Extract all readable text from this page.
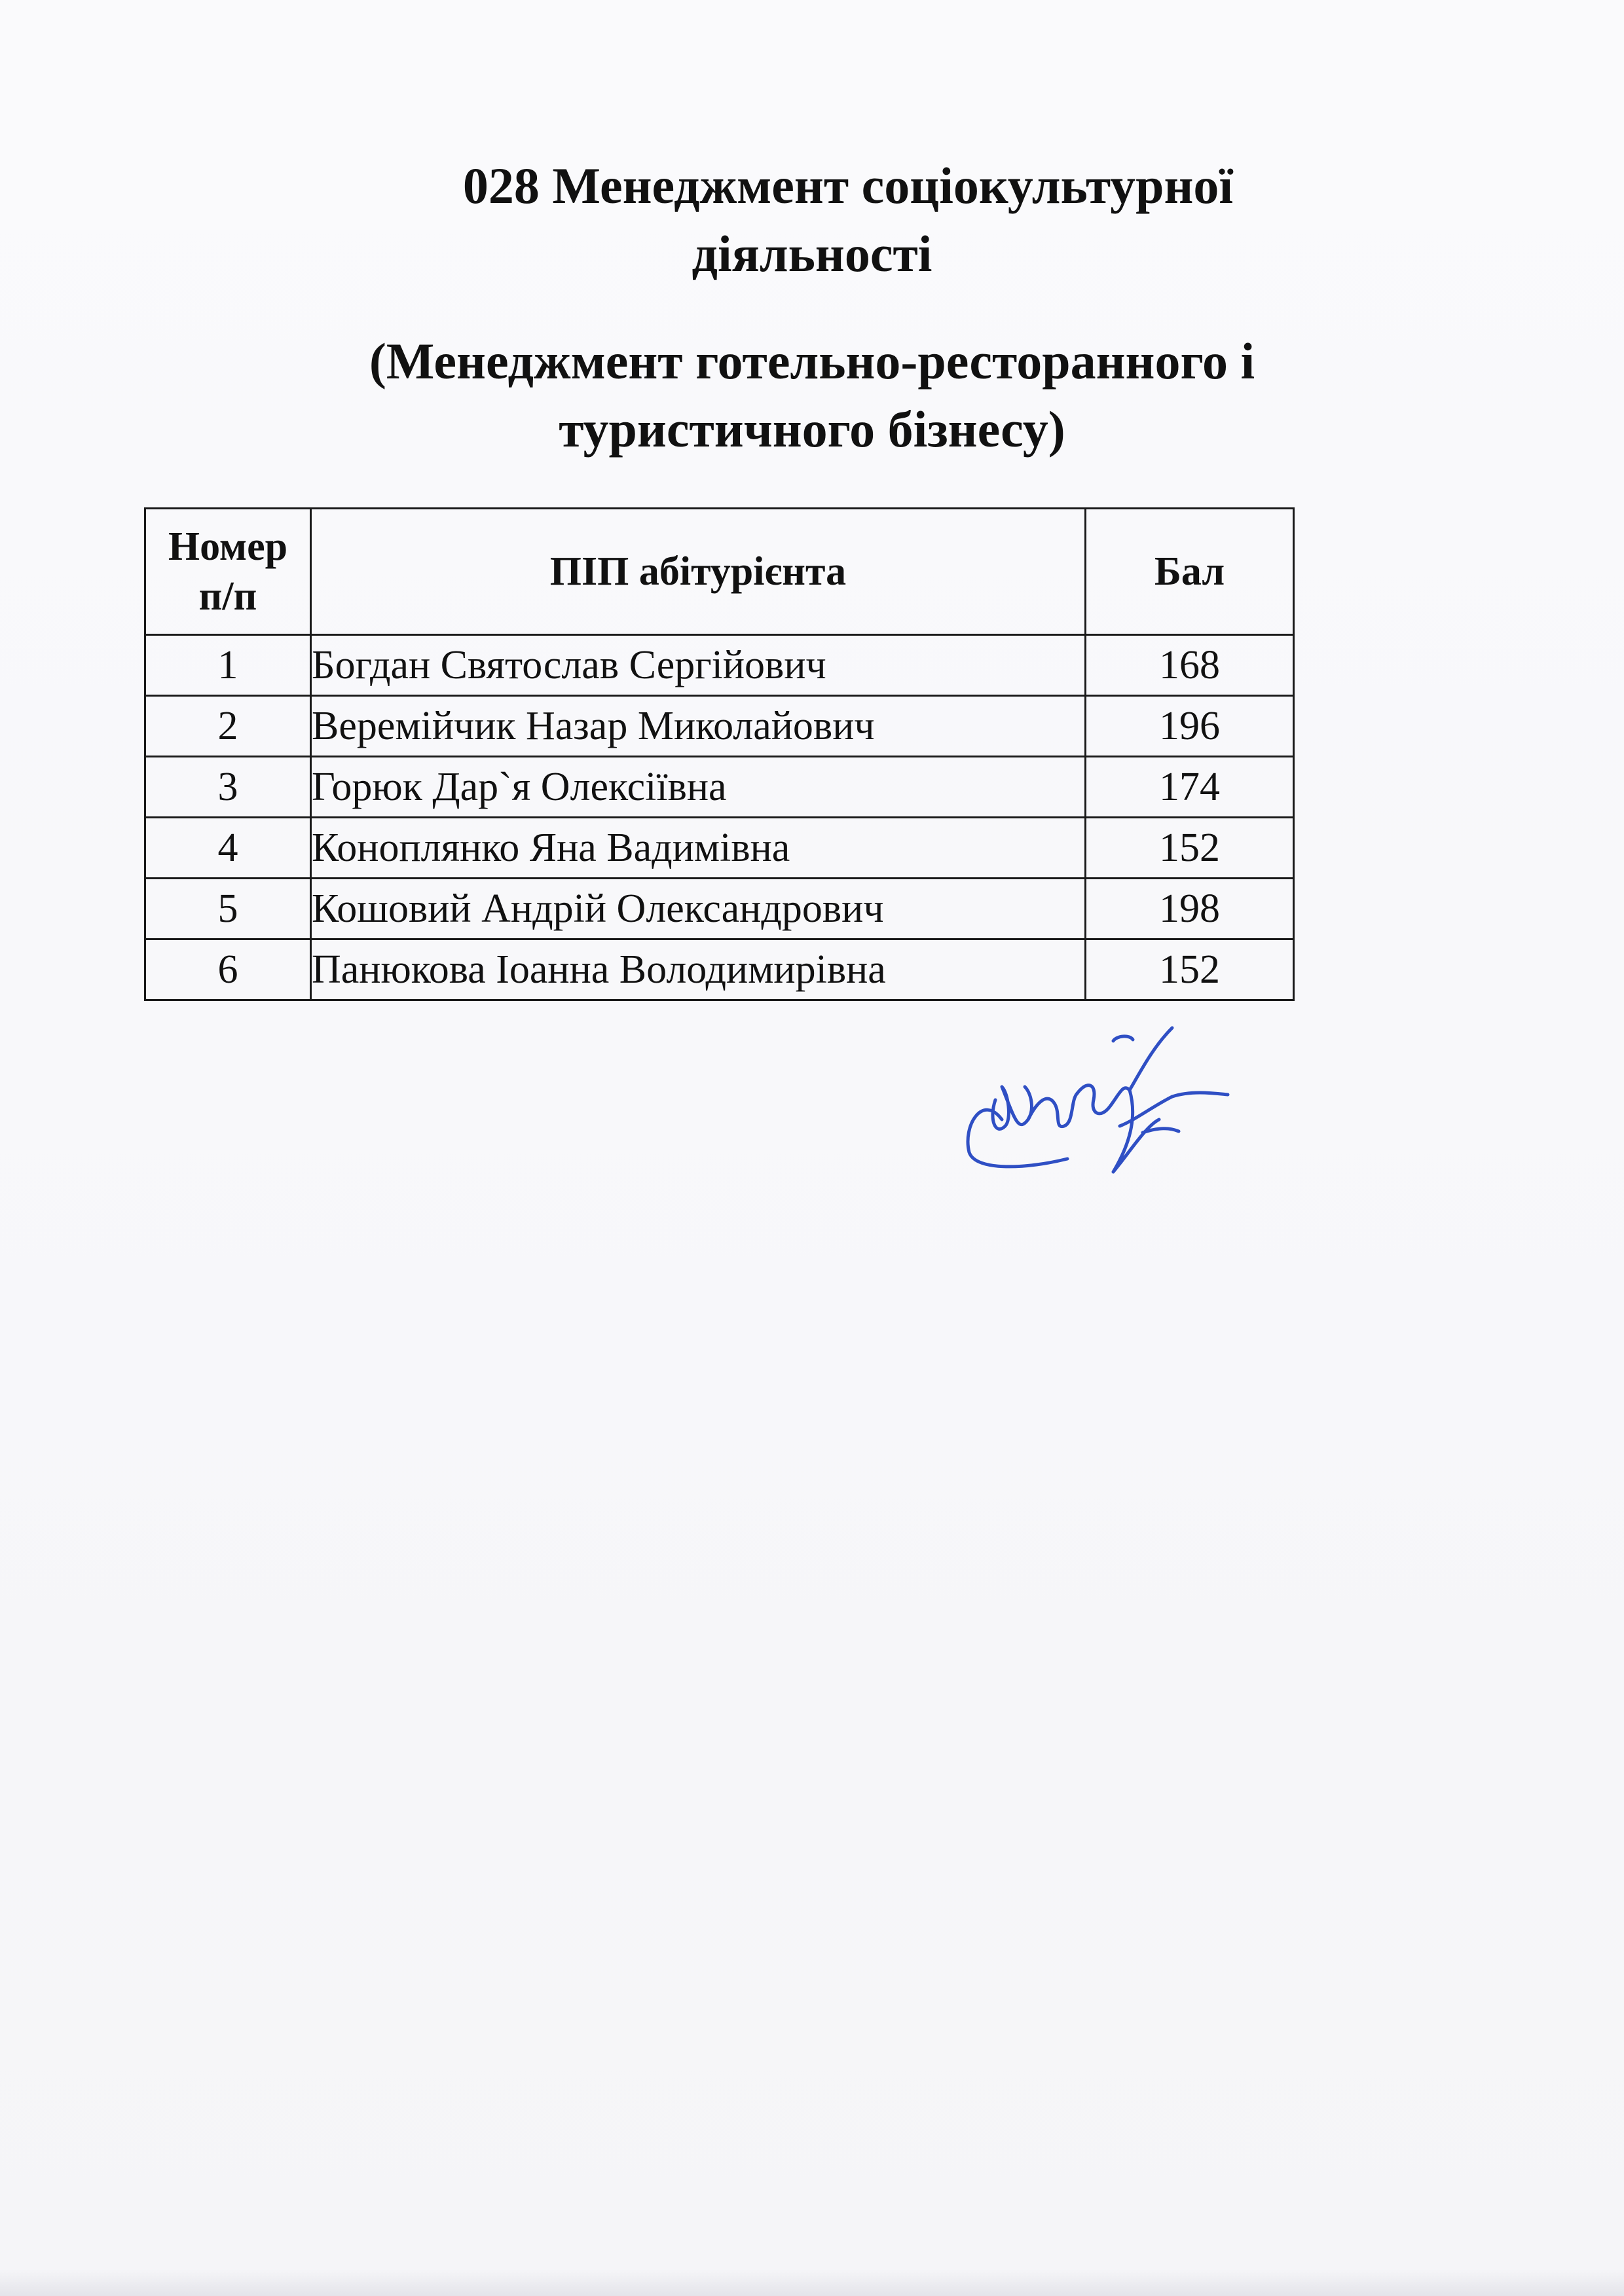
028 Менеджмент соціокультурної
діяльності
(Менеджмент готельно-ресторанного і
туристичного бізнесу)
Номер
п/п	ПІП абітурієнта	Бал
1	Богдан Святослав Сергійович	168
2	Веремійчик Назар Миколайович	196
3	Горюк Дар`я Олексіївна	174
4	Коноплянко Яна Вадимівна	152
5	Кошовий Андрій Олександрович	198
6	Панюкова Іоанна Володимирівна	152
